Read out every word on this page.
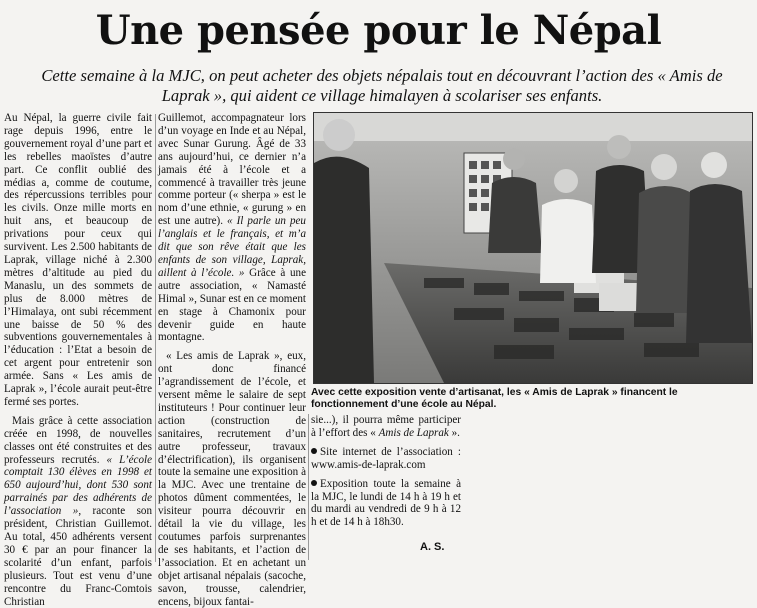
Une pensée pour le Népal
Cette semaine à la MJC, on peut acheter des objets népalais tout en découvrant l’action des « Amis de Laprak », qui aident ce village himalayen à scolariser ses enfants.

Au Népal, la guerre civile fait rage depuis 1996, entre le gouvernement royal d’une part et les rebelles maoïstes d’autre part. Ce conflit oublié des médias a, comme de coutume, des répercussions terribles pour les civils. Onze mille morts en huit ans, et beaucoup de privations pour ceux qui survivent. Les 2.500 habitants de Laprak, village niché à 2.300 mètres d’altitude au pied du Manaslu, un des sommets de plus de 8.000 mètres de l’Himalaya, ont subi récemment une baisse de 50 % des subventions gouvernementales à l’éducation : l’Etat a besoin de cet argent pour entretenir son armée. Sans « Les amis de Laprak », l’école aurait peut-être fermé ses portes.

Mais grâce à cette association créée en 1998, de nouvelles classes ont été construites et des professeurs recrutés. « L’école comptait 130 élèves en 1998 et 650 aujourd’hui, dont 530 sont parrainés par des adhérents de l’association », raconte son président, Christian Guillemot. Au total, 450 adhérents versent 30 € par an pour financer la scolarité d’un enfant, parfois plusieurs. Tout est venu d’une rencontre du Franc-Comtois Christian

Guillemot, accompagnateur lors d’un voyage en Inde et au Népal, avec Sunar Gurung. Âgé de 33 ans aujourd’hui, ce dernier n’a jamais été à l’école et a commencé à travailler très jeune comme porteur (« sherpa » est le nom d’une ethnie, « gurung » en est une autre). « Il parle un peu l’anglais et le français, et m’a dit que son rêve était que les enfants de son village, Laprak, aillent à l’école. » Grâce à une autre association, « Namasté Himal », Sunar est en ce moment en stage à Chamonix pour devenir guide en haute montagne.

« Les amis de Laprak », eux, ont donc financé l’agrandissement de l’école, et versent même le salaire de sept instituteurs ! Pour continuer leur action (construction de sanitaires, recrutement d’un autre professeur, travaux d’électrification), ils organisent toute la semaine une exposition à la MJC. Avec une trentaine de photos dûment commentées, le visiteur pourra découvrir en détail la vie du village, les coutumes parfois surprenantes de ses habitants, et l’action de l’association. Et en achetant un objet artisanal népalais (sacoche, savon, trousse, calendrier, encens, bijoux fantai-

Avec cette exposition vente d’artisanat, les « Amis de Laprak » financent le fonctionnement d’une école au Népal.

sie...), il pourra même participer à l’effort des « Amis de Laprak ».

Site internet de l’association : www.amis-de-laprak.com

Exposition toute la semaine à la MJC, le lundi de 14 h à 19 h et du mardi au vendredi de 9 h à 12 h et de 14 h à 18h30.

A. S.
